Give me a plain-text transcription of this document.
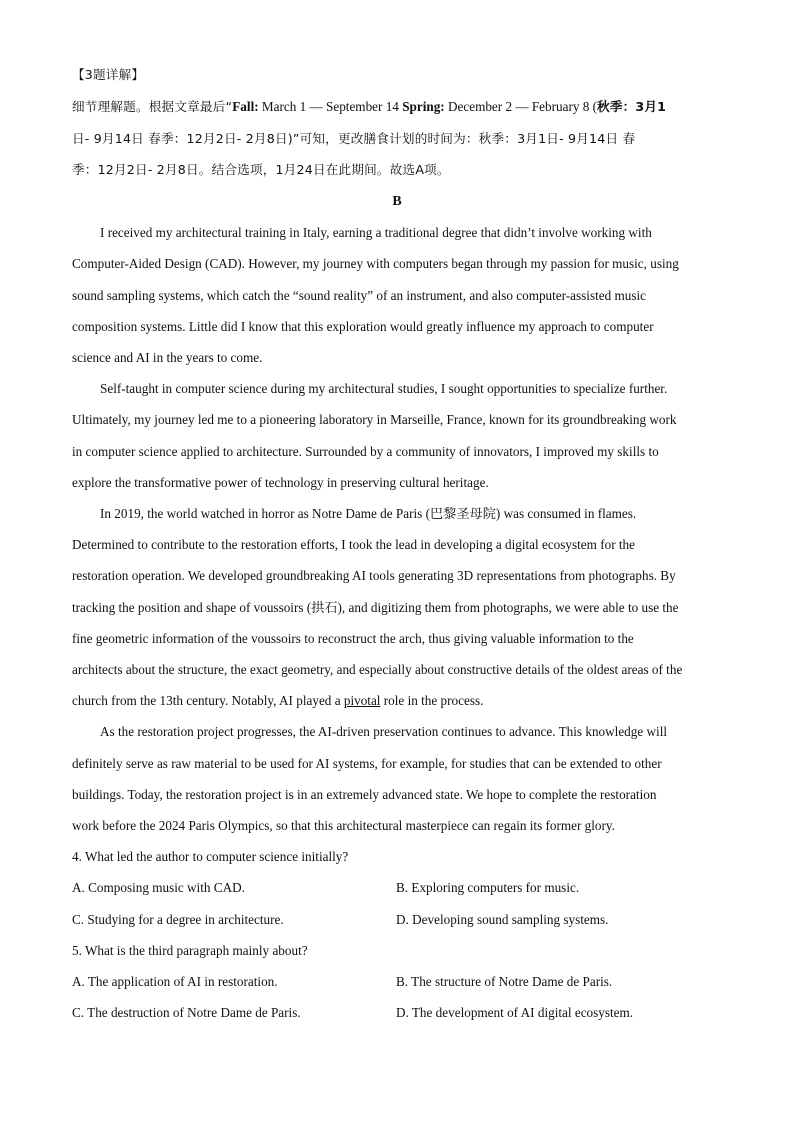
【3题详解】
细节理解题。根据文章最后“Fall: March 1 — September 14 Spring: December 2 — February 8 (秋季：3月1
日- 9月14日 春季：12月2日- 2月8日)”可知，更改膳食计划的时间为：秋季：3月1日- 9月14日 春
季：12月2日- 2月8日。结合选项，1月24日在此期间。故选A项。
B
I received my architectural training in Italy, earning a traditional degree that didn’t involve working with
Computer-Aided Design (CAD). However, my journey with computers began through my passion for music, using
sound sampling systems, which catch the “sound reality” of an instrument, and also computer-assisted music
composition systems. Little did I know that this exploration would greatly influence my approach to computer
science and AI in the years to come.
Self-taught in computer science during my architectural studies, I sought opportunities to specialize further.
Ultimately, my journey led me to a pioneering laboratory in Marseille, France, known for its groundbreaking work
in computer science applied to architecture. Surrounded by a community of innovators, I improved my skills to
explore the transformative power of technology in preserving cultural heritage.
In 2019, the world watched in horror as Notre Dame de Paris (巴黎圣母院) was consumed in flames.
Determined to contribute to the restoration efforts, I took the lead in developing a digital ecosystem for the
restoration operation. We developed groundbreaking AI tools generating 3D representations from photographs. By
tracking the position and shape of voussoirs (拱石), and digitizing them from photographs, we were able to use the
fine geometric information of the voussoirs to reconstruct the arch, thus giving valuable information to the
architects about the structure, the exact geometry, and especially about constructive details of the oldest areas of the
church from the 13th century. Notably, AI played a pivotal role in the process.
As the restoration project progresses, the AI-driven preservation continues to advance. This knowledge will
definitely serve as raw material to be used for AI systems, for example, for studies that can be extended to other
buildings. Today, the restoration project is in an extremely advanced state. We hope to complete the restoration
work before the 2024 Paris Olympics, so that this architectural masterpiece can regain its former glory.
4. What led the author to computer science initially?
A. Composing music with CAD.	B. Exploring computers for music.
C. Studying for a degree in architecture.	D. Developing sound sampling systems.
5. What is the third paragraph mainly about?
A. The application of AI in restoration.	B. The structure of Notre Dame de Paris.
C. The destruction of Notre Dame de Paris.	D. The development of AI digital ecosystem.
